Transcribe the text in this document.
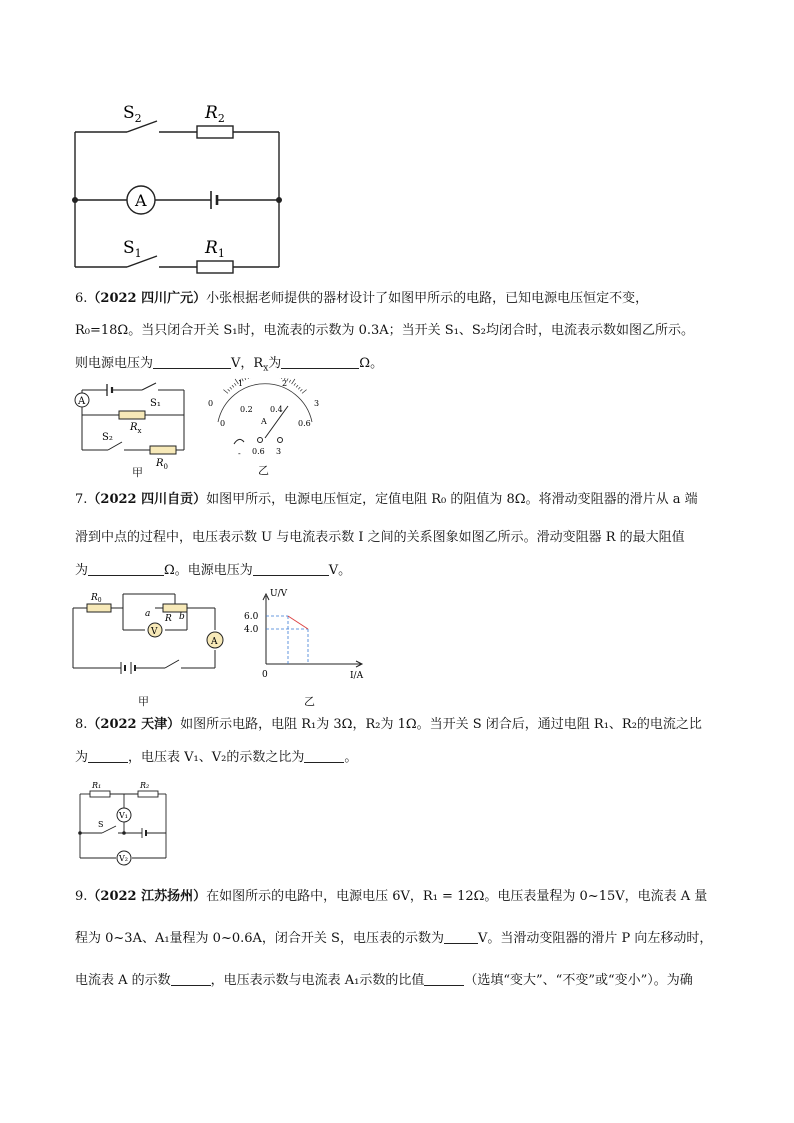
$S_2$	$R_2$
A
$S_1$	$R_1$
6.（2022 四川广元）小张根据老师提供的器材设计了如图甲所示的电路，已知电源电压恒定不变，
R₀=18Ω。当只闭合开关 S₁时，电流表的示数为 0.3A；当开关 S₁、S₂均闭合时，电流表示数如图乙所示。
则电源电压为	V，$R_x$为	Ω。
A	S₁
$R_x$
S₂
$R_0$
甲
1	2
0	3
0
0.2 0.4
0.6
A
- 0.6 3
乙
7.（2022 四川自贡）如图甲所示，电源电压恒定，定值电阻 R₀ 的阻值为 8Ω。将滑动变阻器的滑片从 a 端
滑到中点的过程中，电压表示数 U 与电流表示数 I 之间的关系图象如图乙所示。滑动变阻器 R 的最大阻值
为	Ω。电源电压为	V。
$R_0$
a R b
V
A
甲
U/V
6.0
4.0
0	I/A
乙
8.（2022 天津）如图所示电路，电阻 R₁为 3Ω，R₂为 1Ω。当开关 S 闭合后，通过电阻 R₁、R₂的电流之比
为	，电压表 V₁、V₂的示数之比为	。
R₁	R₂
V₁
S
V₂
9.（2022 江苏扬州）在如图所示的电路中，电源电压 6V，R₁ = 12Ω。电压表量程为 0~15V，电流表 A 量
程为 0~3A、A₁量程为 0~0.6A，闭合开关 S，电压表的示数为	V。当滑动变阻器的滑片 P 向左移动时，
电流表 A 的示数	，电压表示数与电流表 A₁示数的比值	（选填“变大”、“不变”或“变小”）。为确
